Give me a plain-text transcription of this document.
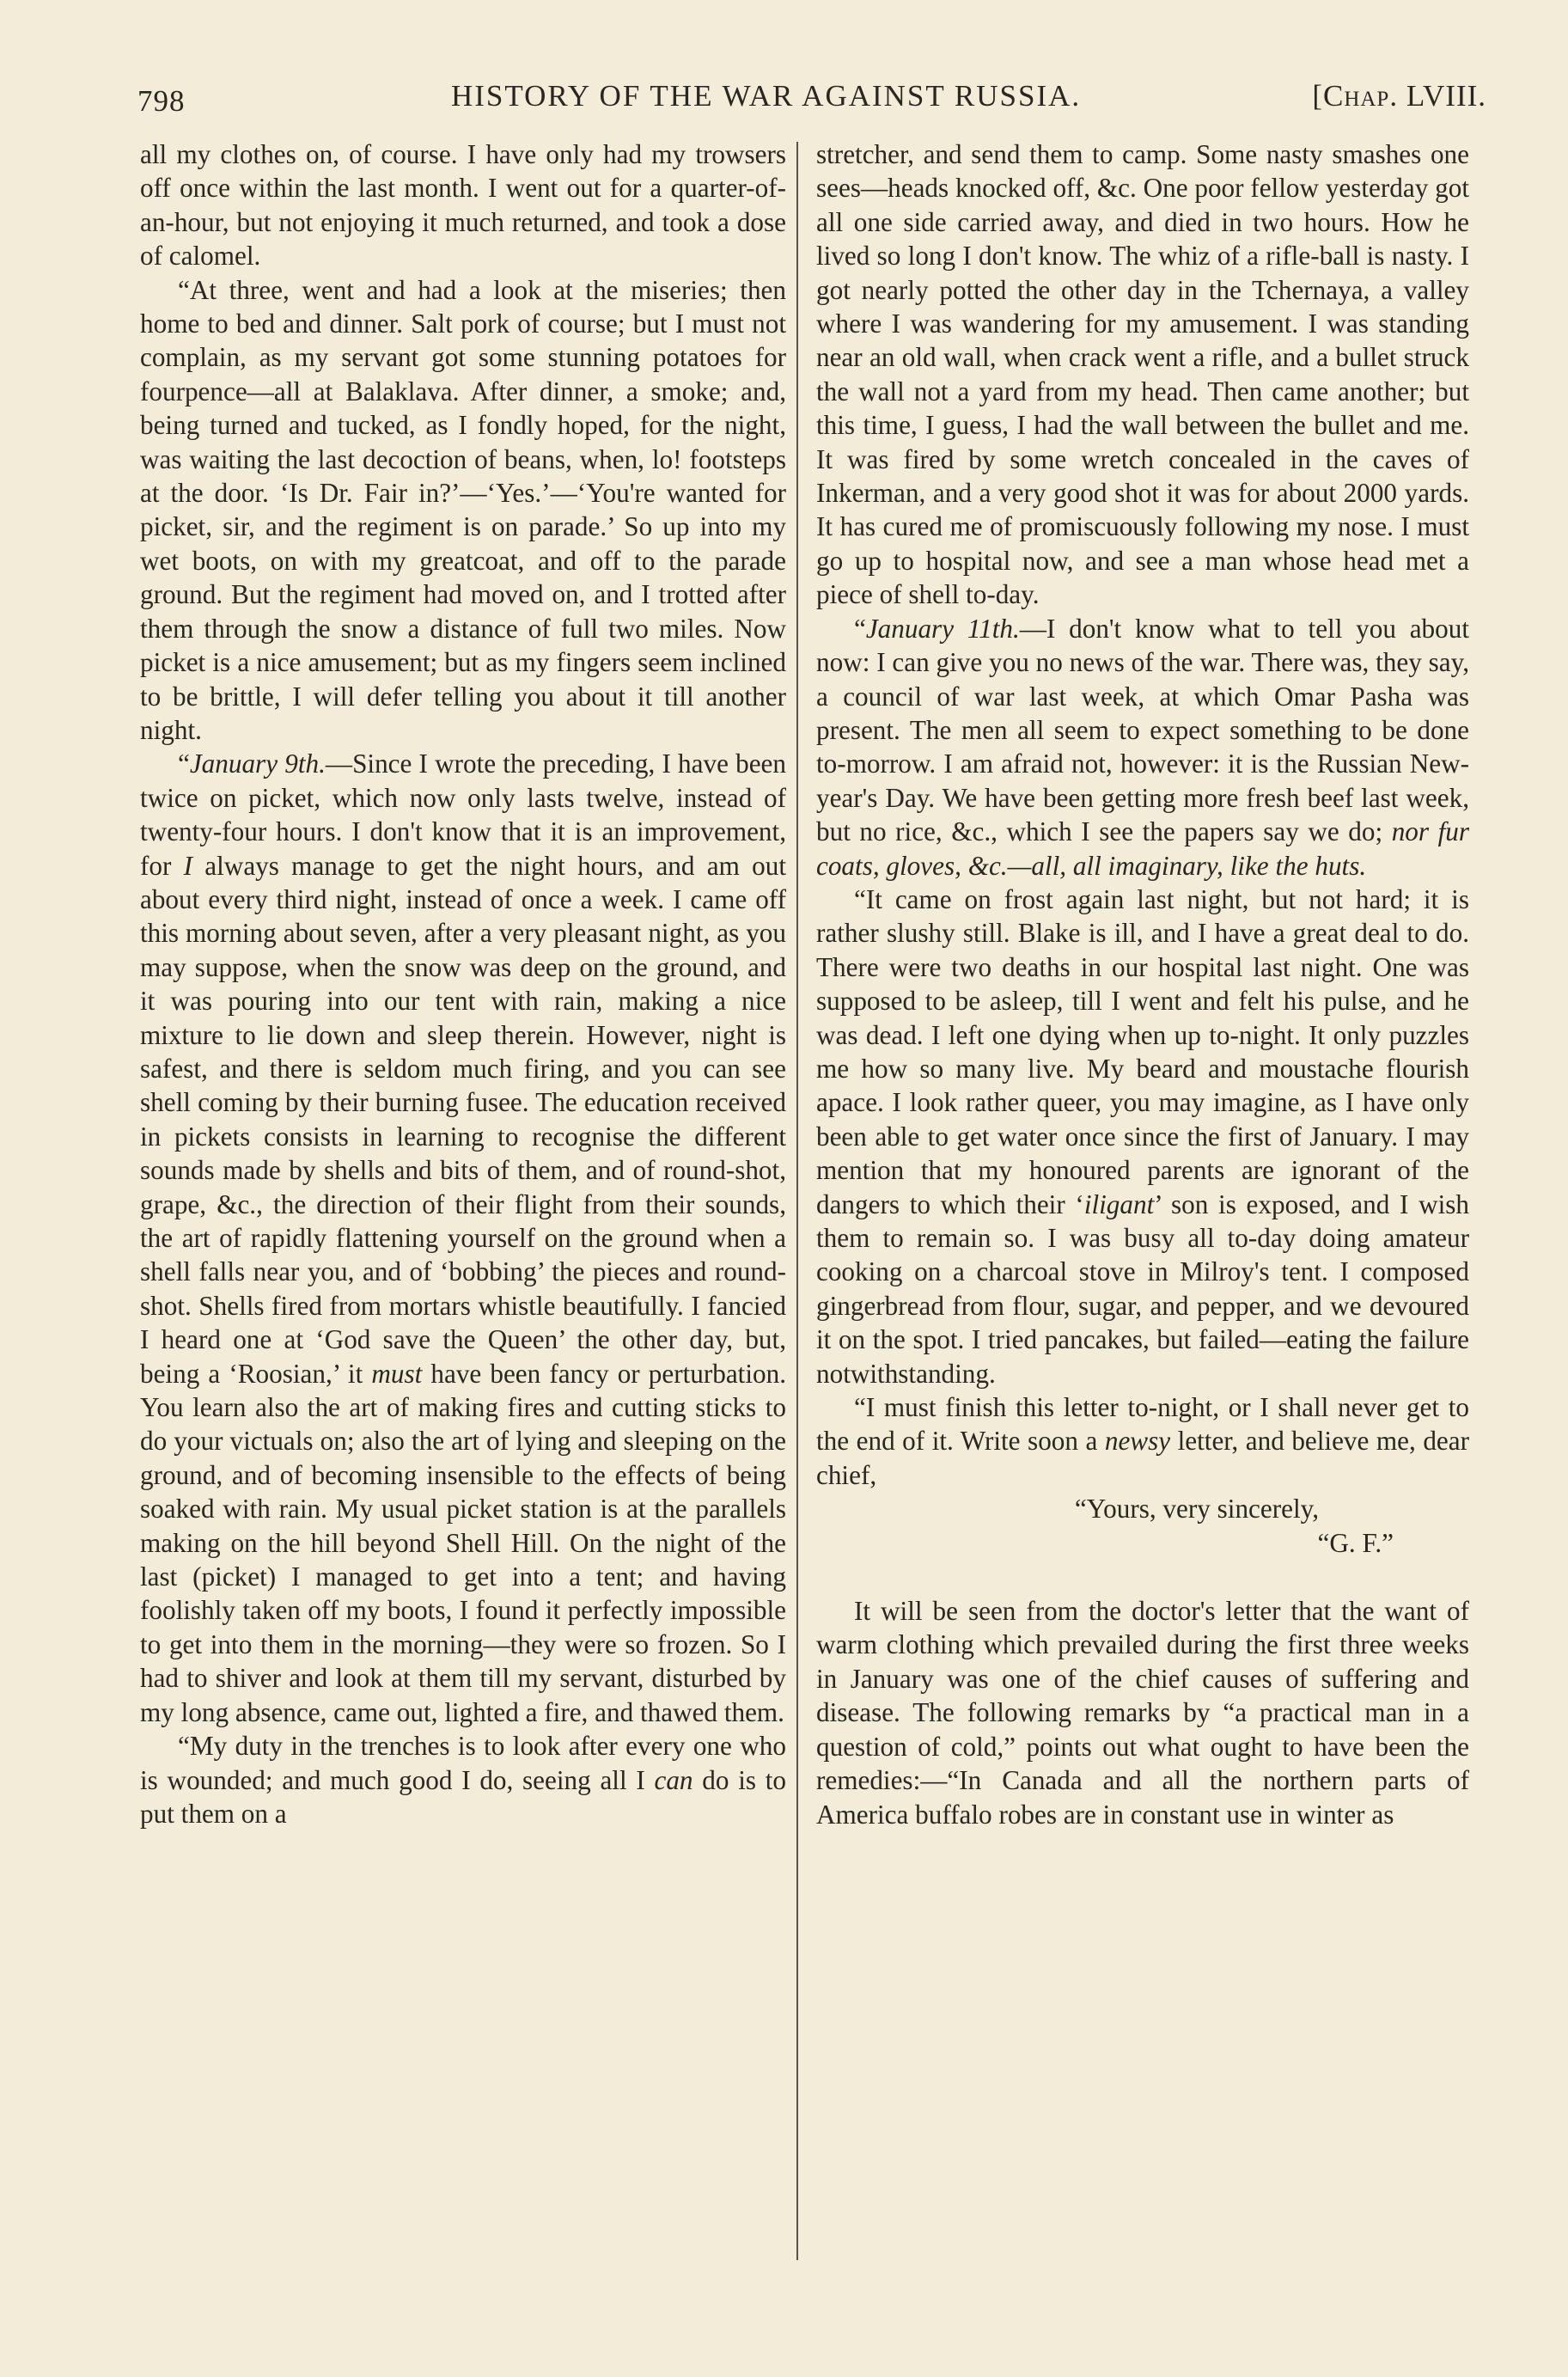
798	HISTORY OF THE WAR AGAINST RUSSIA.	[Chap. LVIII.

all my clothes on, of course. I have only had my trowsers off once within the last month. I went out for a quarter-of-an-hour, but not enjoying it much returned, and took a dose of calomel.

“At three, went and had a look at the miseries; then home to bed and dinner. Salt pork of course; but I must not complain, as my servant got some stunning potatoes for fourpence—all at Balaklava. After dinner, a smoke; and, being turned and tucked, as I fondly hoped, for the night, was waiting the last decoction of beans, when, lo! footsteps at the door. ‘Is Dr. Fair in?’—‘Yes.’—‘You're wanted for picket, sir, and the regiment is on parade.’ So up into my wet boots, on with my greatcoat, and off to the parade ground. But the regiment had moved on, and I trotted after them through the snow a distance of full two miles. Now picket is a nice amusement; but as my fingers seem inclined to be brittle, I will defer telling you about it till another night.

“January 9th.—Since I wrote the preceding, I have been twice on picket, which now only lasts twelve, instead of twenty-four hours. I don't know that it is an improvement, for I always manage to get the night hours, and am out about every third night, instead of once a week. I came off this morning about seven, after a very pleasant night, as you may suppose, when the snow was deep on the ground, and it was pouring into our tent with rain, making a nice mixture to lie down and sleep therein. However, night is safest, and there is seldom much firing, and you can see shell coming by their burning fusee. The education received in pickets consists in learning to recognise the different sounds made by shells and bits of them, and of round-shot, grape, &c., the direction of their flight from their sounds, the art of rapidly flattening yourself on the ground when a shell falls near you, and of ‘bobbing’ the pieces and round-shot. Shells fired from mortars whistle beautifully. I fancied I heard one at ‘God save the Queen’ the other day, but, being a ‘Roosian,’ it must have been fancy or perturbation. You learn also the art of making fires and cutting sticks to do your victuals on; also the art of lying and sleeping on the ground, and of becoming insensible to the effects of being soaked with rain. My usual picket station is at the parallels making on the hill beyond Shell Hill. On the night of the last (picket) I managed to get into a tent; and having foolishly taken off my boots, I found it perfectly impossible to get into them in the morning—they were so frozen. So I had to shiver and look at them till my servant, disturbed by my long absence, came out, lighted a fire, and thawed them.

“My duty in the trenches is to look after every one who is wounded; and much good I do, seeing all I can do is to put them on a

stretcher, and send them to camp. Some nasty smashes one sees—heads knocked off, &c. One poor fellow yesterday got all one side carried away, and died in two hours. How he lived so long I don't know. The whiz of a rifle-ball is nasty. I got nearly potted the other day in the Tchernaya, a valley where I was wandering for my amusement. I was standing near an old wall, when crack went a rifle, and a bullet struck the wall not a yard from my head. Then came another; but this time, I guess, I had the wall between the bullet and me. It was fired by some wretch concealed in the caves of Inkerman, and a very good shot it was for about 2000 yards. It has cured me of promiscuously following my nose. I must go up to hospital now, and see a man whose head met a piece of shell to-day.

“January 11th.—I don't know what to tell you about now: I can give you no news of the war. There was, they say, a council of war last week, at which Omar Pasha was present. The men all seem to expect something to be done to-morrow. I am afraid not, however: it is the Russian New-year's Day. We have been getting more fresh beef last week, but no rice, &c., which I see the papers say we do; nor fur coats, gloves, &c.—all, all imaginary, like the huts.

“It came on frost again last night, but not hard; it is rather slushy still. Blake is ill, and I have a great deal to do. There were two deaths in our hospital last night. One was supposed to be asleep, till I went and felt his pulse, and he was dead. I left one dying when up to-night. It only puzzles me how so many live. My beard and moustache flourish apace. I look rather queer, you may imagine, as I have only been able to get water once since the first of January. I may mention that my honoured parents are ignorant of the dangers to which their ‘iligant’ son is exposed, and I wish them to remain so. I was busy all to-day doing amateur cooking on a charcoal stove in Milroy's tent. I composed gingerbread from flour, sugar, and pepper, and we devoured it on the spot. I tried pancakes, but failed—eating the failure notwithstanding.

“I must finish this letter to-night, or I shall never get to the end of it. Write soon a newsy letter, and believe me, dear chief,

“Yours, very sincerely,

“G. F.”

It will be seen from the doctor's letter that the want of warm clothing which prevailed during the first three weeks in January was one of the chief causes of suffering and disease. The following remarks by “a practical man in a question of cold,” points out what ought to have been the remedies:—“In Canada and all the northern parts of America buffalo robes are in constant use in winter as
